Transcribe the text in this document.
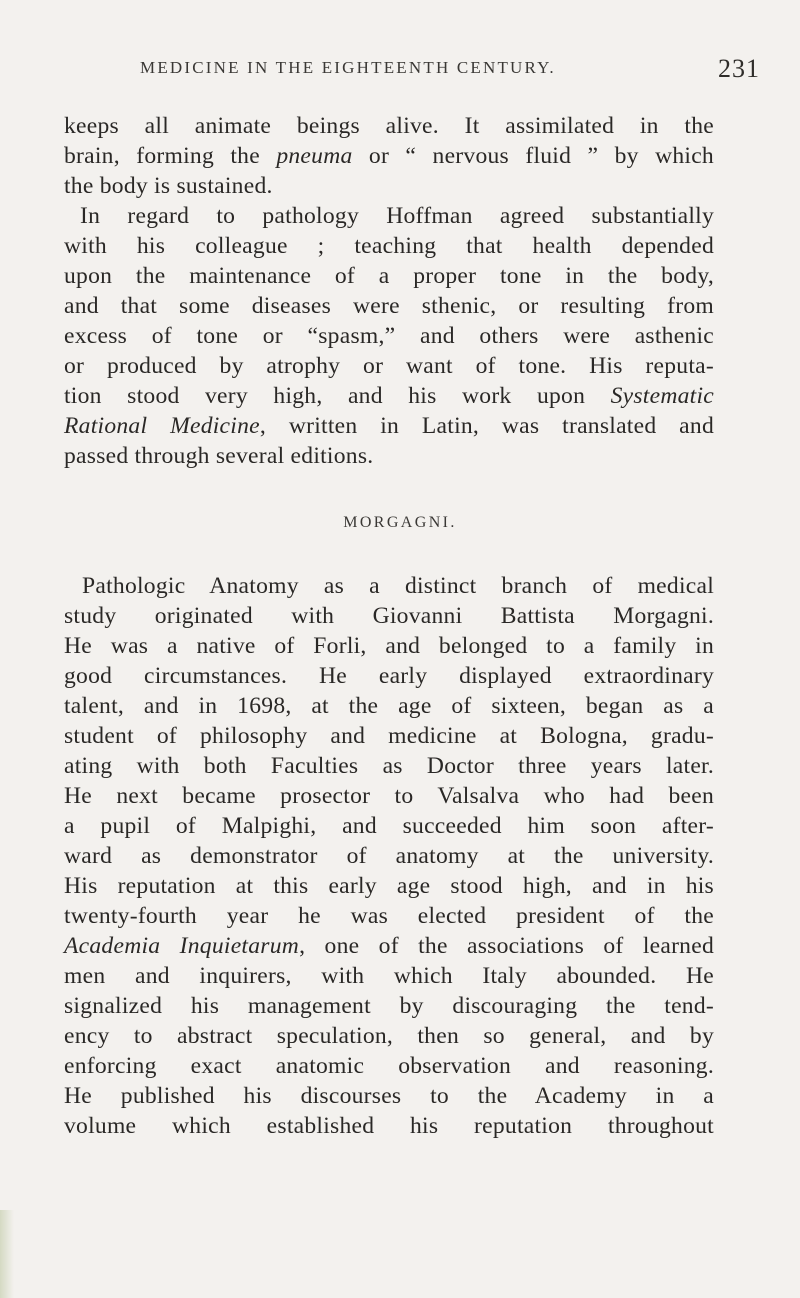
MEDICINE IN THE EIGHTEENTH CENTURY.	231
keeps all animate beings alive. It assimilated in the
brain, forming the pneuma or “ nervous fluid ” by which
the body is sustained.
In regard to pathology Hoffman agreed substantially
with his colleague ; teaching that health depended
upon the maintenance of a proper tone in the body,
and that some diseases were sthenic, or resulting from
excess of tone or “spasm,” and others were asthenic
or produced by atrophy or want of tone. His reputa-
tion stood very high, and his work upon Systematic
Rational Medicine, written in Latin, was translated and
passed through several editions.
MORGAGNI.
Pathologic Anatomy as a distinct branch of medical
study originated with Giovanni Battista Morgagni.
He was a native of Forli, and belonged to a family in
good circumstances. He early displayed extraordinary
talent, and in 1698, at the age of sixteen, began as a
student of philosophy and medicine at Bologna, gradu-
ating with both Faculties as Doctor three years later.
He next became prosector to Valsalva who had been
a pupil of Malpighi, and succeeded him soon after-
ward as demonstrator of anatomy at the university.
His reputation at this early age stood high, and in his
twenty-fourth year he was elected president of the
Academia Inquietarum, one of the associations of learned
men and inquirers, with which Italy abounded. He
signalized his management by discouraging the tend-
ency to abstract speculation, then so general, and by
enforcing exact anatomic observation and reasoning.
He published his discourses to the Academy in a
volume which established his reputation throughout
